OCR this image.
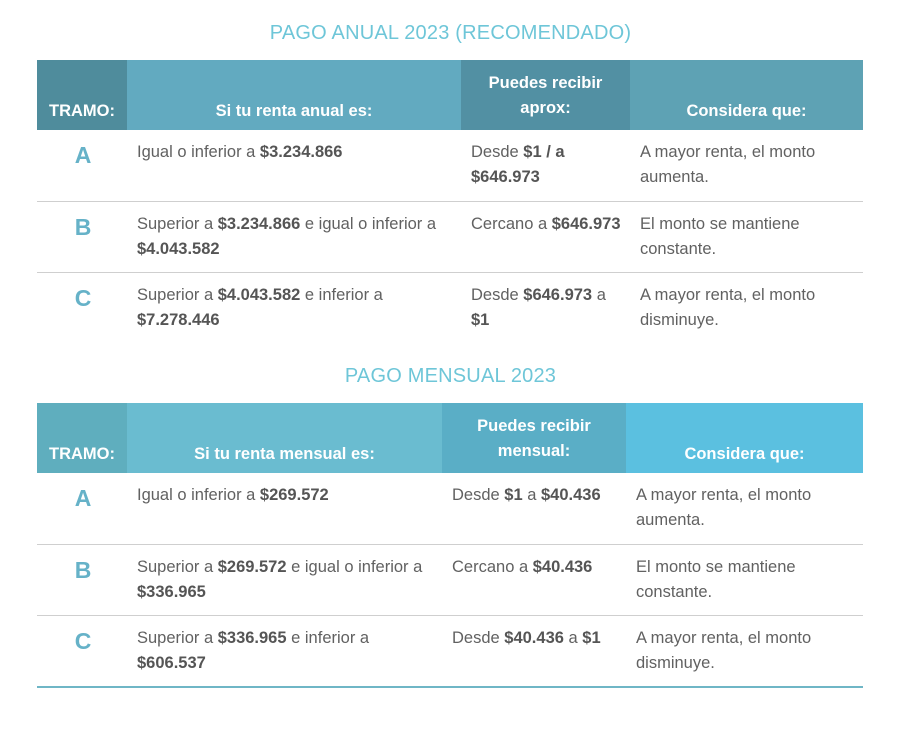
PAGO ANUAL 2023 (RECOMENDADO)
TRAMO:	Si tu renta anual es:	Puedes recibir aprox:	Considera que:
A	Igual o inferior a $3.234.866	Desde $1 / a $646.973	A mayor renta, el monto aumenta.
B	Superior a $3.234.866 e igual o inferior a $4.043.582	Cercano a $646.973	El monto se mantiene constante.
C	Superior a $4.043.582 e inferior a $7.278.446	Desde $646.973 a $1	A mayor renta, el monto disminuye.
PAGO MENSUAL 2023
TRAMO:	Si tu renta mensual es:	Puedes recibir mensual:	Considera que:
A	Igual o inferior a $269.572	Desde $1 a $40.436	A mayor renta, el monto aumenta.
B	Superior a $269.572 e igual o inferior a $336.965	Cercano a $40.436	El monto se mantiene constante.
C	Superior a $336.965 e inferior a $606.537	Desde $40.436 a $1	A mayor renta, el monto disminuye.
